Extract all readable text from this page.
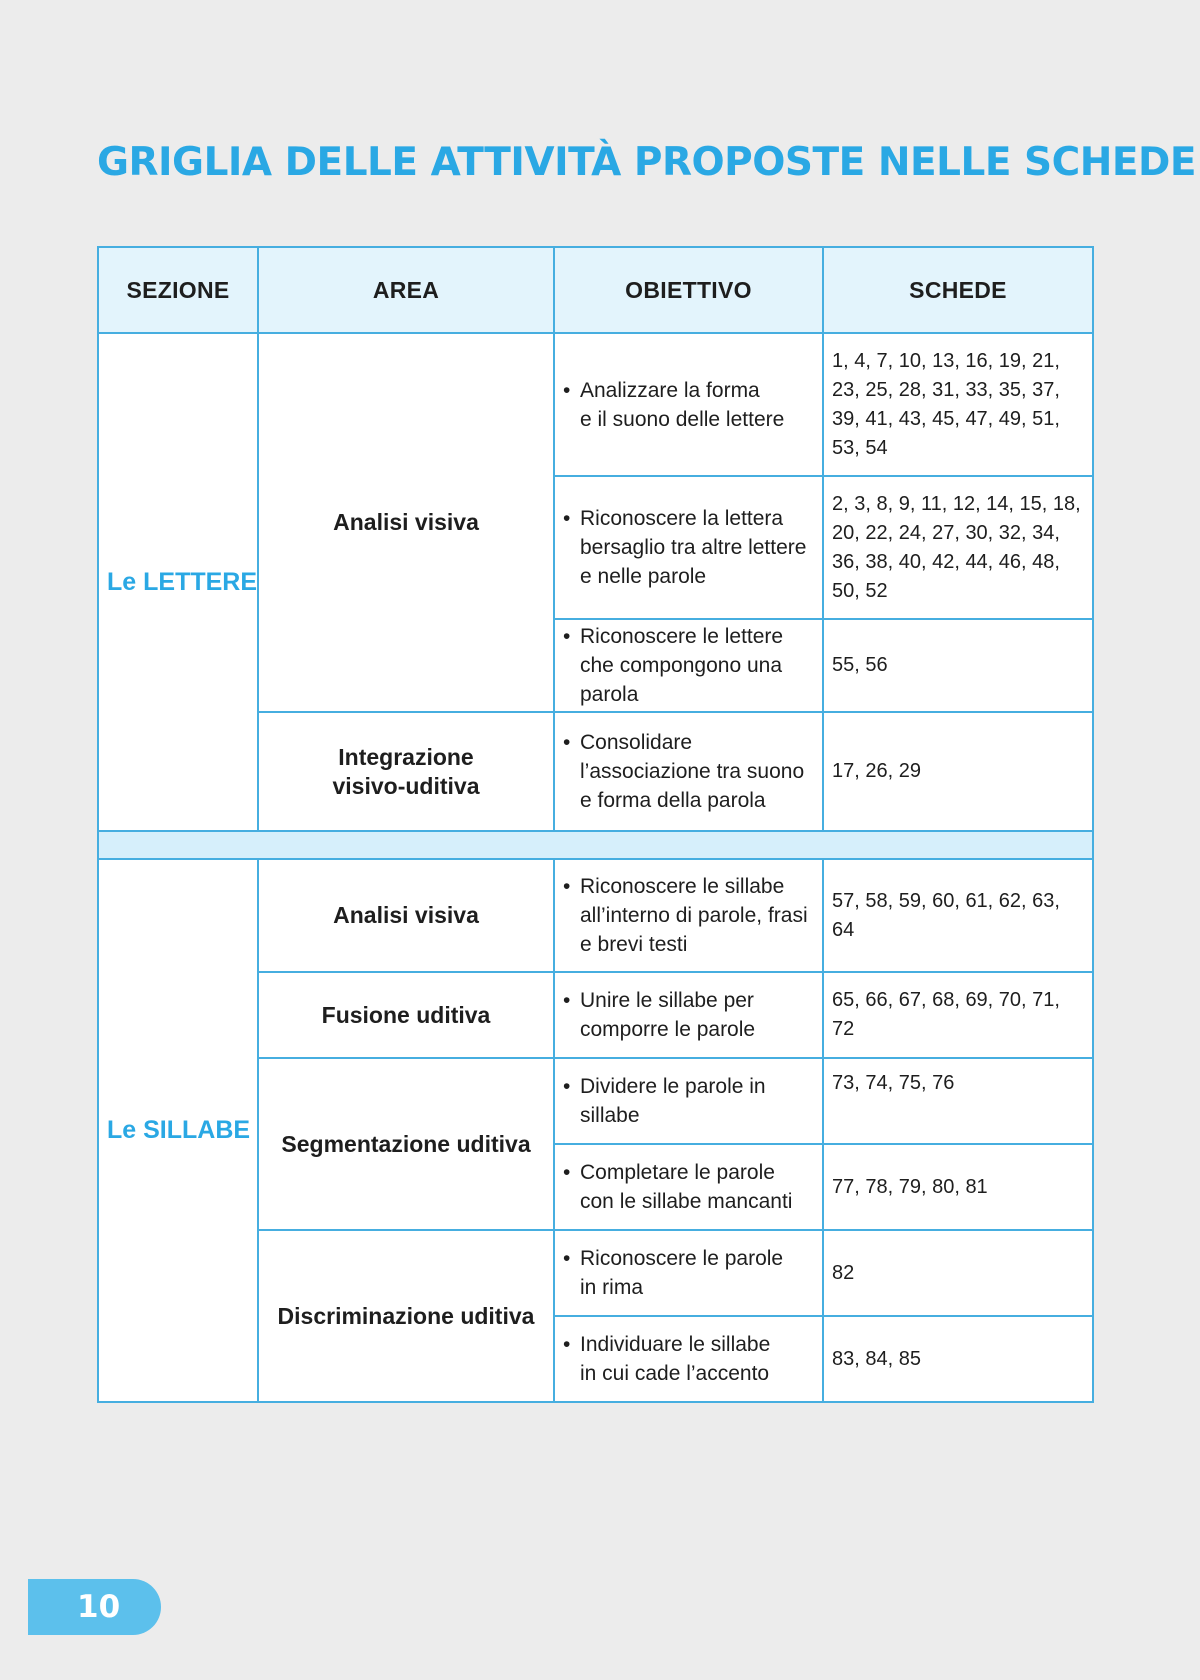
GRIGLIA DELLE ATTIVITÀ PROPOSTE NELLE SCHEDE
SEZIONE	AREA	OBIETTIVO	SCHEDE
Le LETTERE	Analisi visiva	• Analizzare la forma
e il suono delle lettere	1, 4, 7, 10, 13, 16, 19, 21,
23, 25, 28, 31, 33, 35, 37,
39, 41, 43, 45, 47, 49, 51,
53, 54

		• Riconoscere la lettera
bersaglio tra altre lettere
e nelle parole	2, 3, 8, 9, 11, 12, 14, 15, 18,
20, 22, 24, 27, 30, 32, 34,
36, 38, 40, 42, 44, 46, 48,
50, 52

		• Riconoscere le lettere
che compongono una
parola	55, 56
	Integrazione
visivo-uditiva	• Consolidare
l’associazione tra suono
e forma della parola	17, 26, 29

Le SILLABE	Analisi visiva	• Riconoscere le sillabe
all’interno di parole, frasi
e brevi testi	57, 58, 59, 60, 61, 62, 63,
64
	Fusione uditiva	• Unire le sillabe per
comporre le parole	65, 66, 67, 68, 69, 70, 71,
72
	Segmentazione uditiva	• Dividere le parole in
sillabe	73, 74, 75, 76

		• Completare le parole
con le sillabe mancanti	77, 78, 79, 80, 81
	Discriminazione uditiva	• Riconoscere le parole
in rima	82

		• Individuare le sillabe
in cui cade l’accento	83, 84, 85
10
